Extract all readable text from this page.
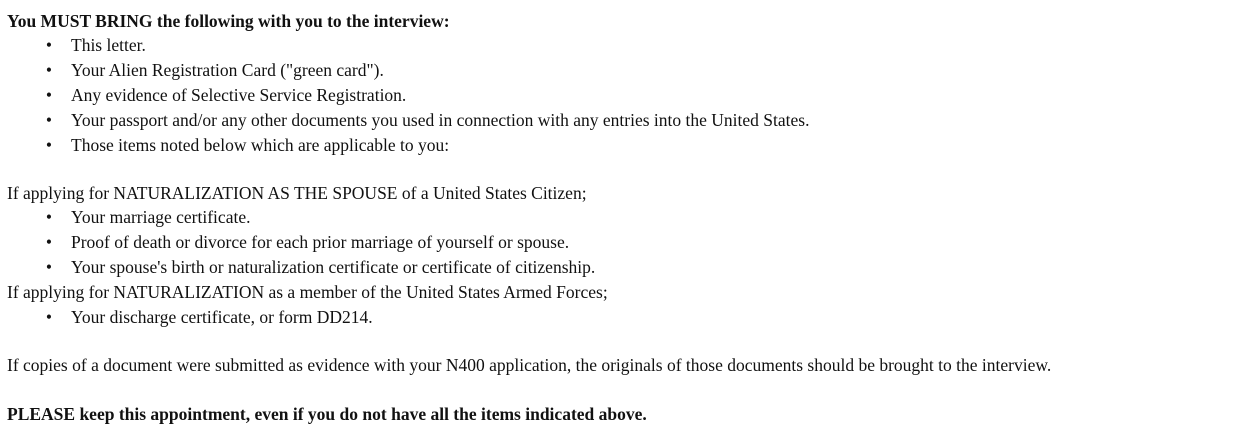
You MUST BRING the following with you to the interview:
• This letter.
• Your Alien Registration Card ("green card").
• Any evidence of Selective Service Registration.
• Your passport and/or any other documents you used in connection with any entries into the United States.
• Those items noted below which are applicable to you:
If applying for NATURALIZATION AS THE SPOUSE of a United States Citizen;
• Your marriage certificate.
• Proof of death or divorce for each prior marriage of yourself or spouse.
• Your spouse's birth or naturalization certificate or certificate of citizenship.
If applying for NATURALIZATION as a member of the United States Armed Forces;
• Your discharge certificate, or form DD214.
If copies of a document were submitted as evidence with your N400 application, the originals of those documents should be brought to the interview.
PLEASE keep this appointment, even if you do not have all the items indicated above.
